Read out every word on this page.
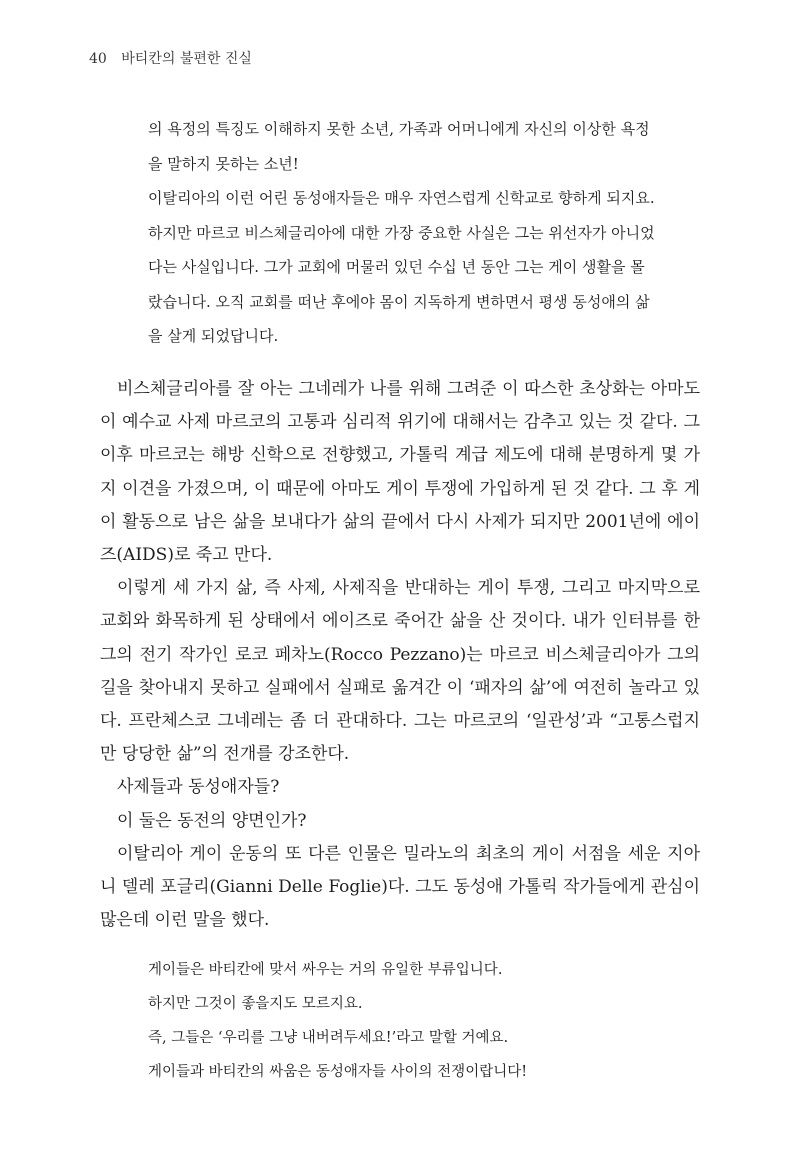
40 바티칸의 불편한 진실

의 욕정의 특징도 이해하지 못한 소년, 가족과 어머니에게 자신의 이상한 욕정

을 말하지 못하는 소년!

이탈리아의 이런 어린 동성애자들은 매우 자연스럽게 신학교로 향하게 되지요.

하지만 마르코 비스체글리아에 대한 가장 중요한 사실은 그는 위선자가 아니었

다는 사실입니다. 그가 교회에 머물러 있던 수십 년 동안 그는 게이 생활을 몰

랐습니다. 오직 교회를 떠난 후에야 몸이 지독하게 변하면서 평생 동성애의 삶

을 살게 되었답니다.

비스체글리아를 잘 아는 그네레가 나를 위해 그려준 이 따스한 초상화는 아마도 이 예수교 사제 마르코의 고통과 심리적 위기에 대해서는 감추고 있는 것 같다. 그 이후 마르코는 해방 신학으로 전향했고, 가톨릭 계급 제도에 대해 분명하게 몇 가지 이견을 가졌으며, 이 때문에 아마도 게이 투쟁에 가입하게 된 것 같다. 그 후 게이 활동으로 남은 삶을 보내다가 삶의 끝에서 다시 사제가 되지만 2001년에 에이즈(AIDS)로 죽고 만다.

이렇게 세 가지 삶, 즉 사제, 사제직을 반대하는 게이 투쟁, 그리고 마지막으로 교회와 화목하게 된 상태에서 에이즈로 죽어간 삶을 산 것이다. 내가 인터뷰를 한 그의 전기 작가인 로코 페차노(Rocco Pezzano)는 마르코 비스체글리아가 그의 길을 찾아내지 못하고 실패에서 실패로 옮겨간 이 ‘패자의 삶’에 여전히 놀라고 있다. 프란체스코 그네레는 좀 더 관대하다. 그는 마르코의 ‘일관성’과 “고통스럽지만 당당한 삶”의 전개를 강조한다.

사제들과 동성애자들?

이 둘은 동전의 양면인가?

이탈리아 게이 운동의 또 다른 인물은 밀라노의 최초의 게이 서점을 세운 지아니 델레 포글리(Gianni Delle Foglie)다. 그도 동성애 가톨릭 작가들에게 관심이 많은데 이런 말을 했다.

게이들은 바티칸에 맞서 싸우는 거의 유일한 부류입니다.

하지만 그것이 좋을지도 모르지요.

즉, 그들은 ‘우리를 그냥 내버려두세요!’라고 말할 거예요.

게이들과 바티칸의 싸움은 동성애자들 사이의 전쟁이랍니다!
